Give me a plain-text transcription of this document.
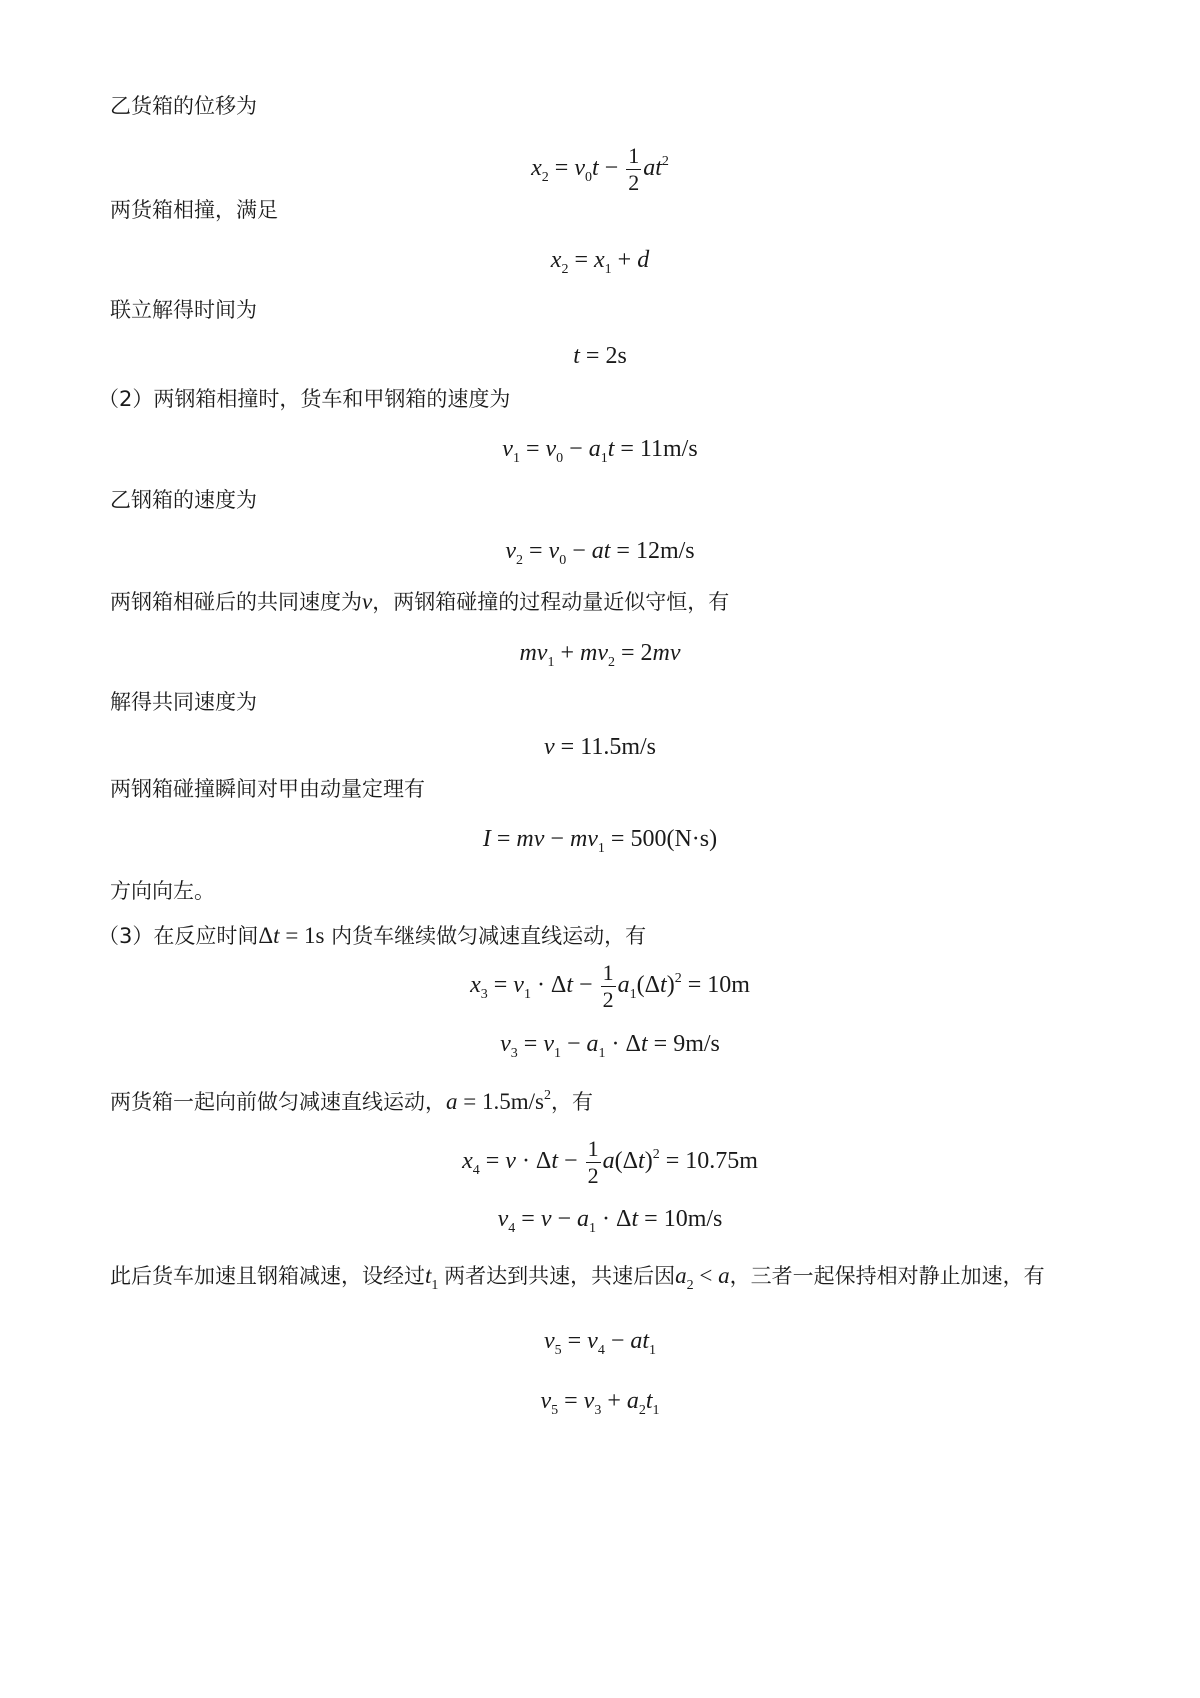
乙货箱的位移为
$x_2 = v_0t - \frac{1}{2} at^2$
两货箱相撞，满足
$x_2 = x_1 + d$
联立解得时间为
t = 2s
（2）两钢箱相撞时，货车和甲钢箱的速度为
$v_1 = v_0 - a_1t = 11m/s$
乙钢箱的速度为
$v_2 = v_0$ − at = 12m/s
两钢箱相碰后的共同速度为v，两钢箱碰撞的过程动量近似守恒，有
$mv_1 + mv_2 = 2mv$
解得共同速度为
v = 11.5m/s
两钢箱碰撞瞬间对甲由动量定理有
I = mv − $mv_1 = 500(N\cdot s)$
方向向左。
（3）在反应时间Δt = 1s 内货车继续做匀减速直线运动，有
$x_3 = v_1 \cdot \Delta t - \frac{1}{2} a_1(\Delta t)^2 = 10m$
$v_3 = v_1 - a_1 \cdot \Delta t = 9m/s$
两货箱一起向前做匀减速直线运动，$a = 1.5m/s^2$，有
$x_4 = v \cdot \Delta t - \frac{1}{2} a(\Delta t)^2 = 10.75m$
$v_4 = v - a_1 \cdot \Delta t = 10m/s$
此后货车加速且钢箱减速，设经过$t_1$ 两者达到共速，共速后因$a_2 < a$，三者一起保持相对静止加速，有
$v_5 = v_4 - at_1$
$v_5 = v_3 + a_2t_1$
